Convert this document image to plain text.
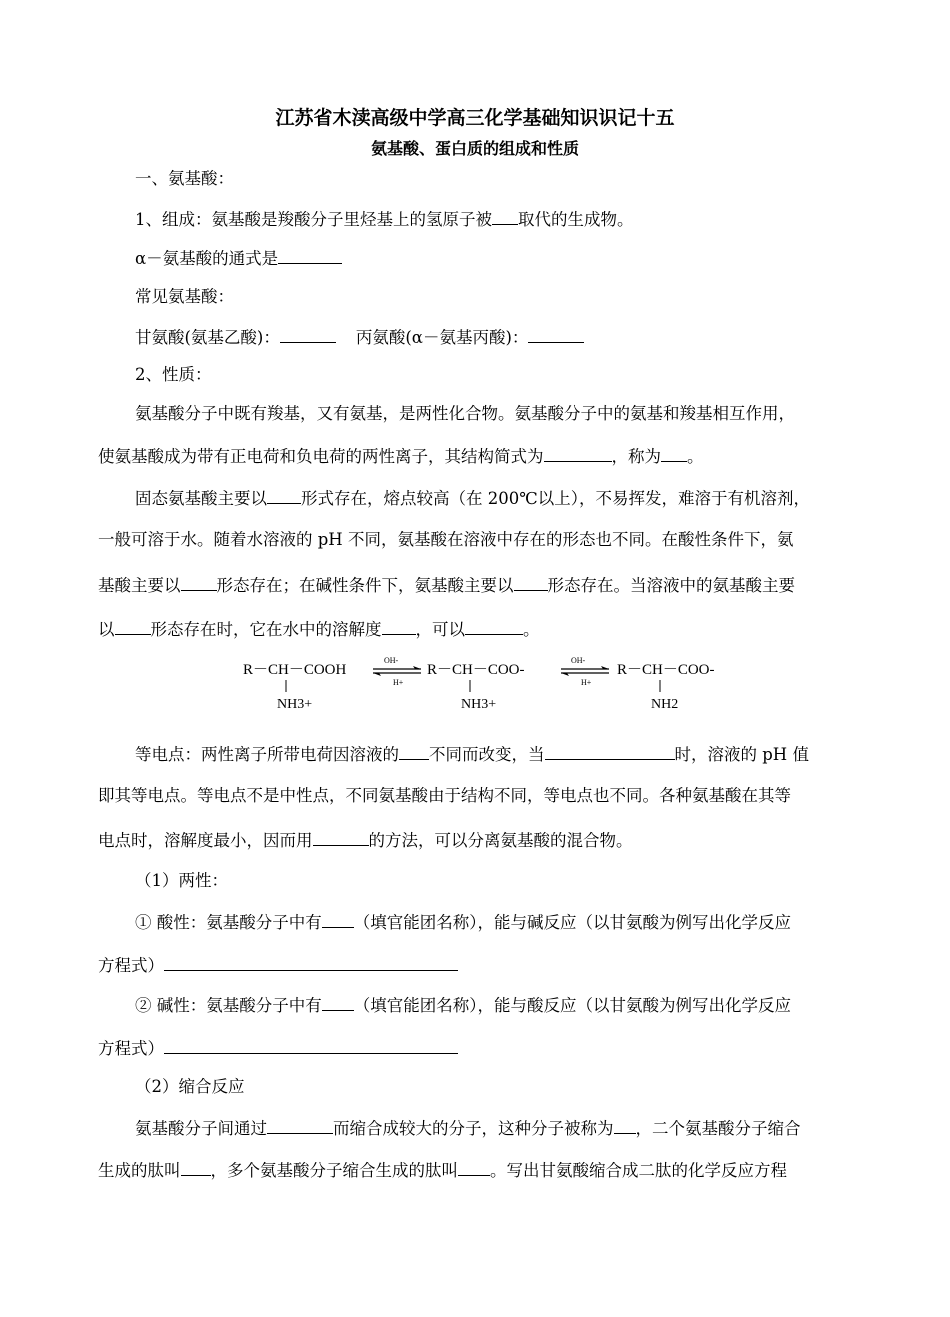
江苏省木渎高级中学高三化学基础知识识记十五
氨基酸、蛋白质的组成和性质
一、氨基酸：
1、组成：氨基酸是羧酸分子里烃基上的氢原子被 取代的生成物。
α－氨基酸的通式是
常见氨基酸：
甘氨酸(氨基乙酸)：	丙氨酸(α－氨基丙酸)：
2、性质：
氨基酸分子中既有羧基，又有氨基，是两性化合物。氨基酸分子中的氨基和羧基相互作用，
使氨基酸成为带有正电荷和负电荷的两性离子，其结构简式为	，称为 。
固态氨基酸主要以 形式存在，熔点较高（在 200℃以上），不易挥发，难溶于有机溶剂，
一般可溶于水。随着水溶液的 pH 不同，氨基酸在溶液中存在的形态也不同。在酸性条件下，氨
基酸主要以 形态存在；在碱性条件下，氨基酸主要以 形态存在。当溶液中的氨基酸主要
以 形态存在时，它在水中的溶解度 ，可以	。
R－CH－COOH
NH3+
OH-
H+
R－CH－COO-
NH3+
OH-
H+
R－CH－COO-
NH2
等电点：两性离子所带电荷因溶液的 不同而改变，当	时，溶液的 pH 值
即其等电点。等电点不是中性点，不同氨基酸由于结构不同，等电点也不同。各种氨基酸在其等
电点时，溶解度最小，因而用	的方法，可以分离氨基酸的混合物。
（1）两性：
① 酸性：氨基酸分子中有 （填官能团名称），能与碱反应（以甘氨酸为例写出化学反应
方程式）
② 碱性：氨基酸分子中有 （填官能团名称），能与酸反应（以甘氨酸为例写出化学反应
方程式）
（2）缩合反应
氨基酸分子间通过	而缩合成较大的分子，这种分子被称为 ，二个氨基酸分子缩合
生成的肽叫 ，多个氨基酸分子缩合生成的肽叫 。写出甘氨酸缩合成二肽的化学反应方程
